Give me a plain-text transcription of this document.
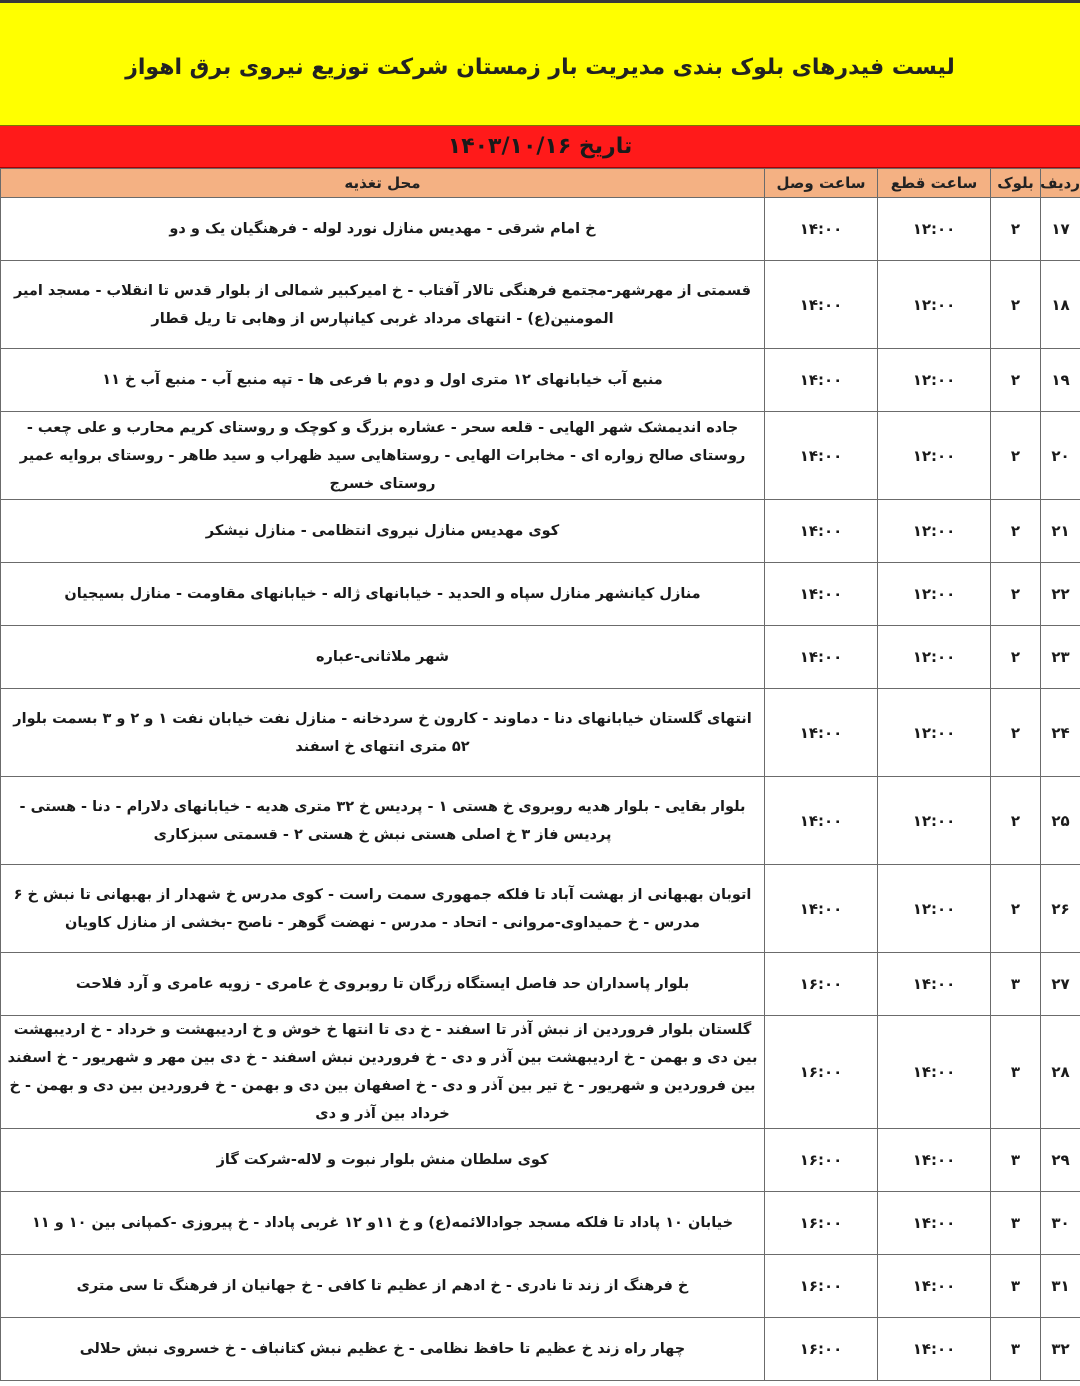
لیست فیدرهای بلوک بندی مدیریت بار زمستان شرکت توزیع نیروی برق اهواز
تاریخ ۱۴۰۳/۱۰/۱۶
ردیف	بلوک	ساعت قطع	ساعت وصل	محل تغذیه
۱۷	۲	۱۲:۰۰	۱۴:۰۰	خ امام شرقی - مهدیس منازل نورد لوله - فرهنگیان یک و دو
۱۸	۲	۱۲:۰۰	۱۴:۰۰	قسمتی از مهرشهر-مجتمع فرهنگی تالار آفتاب - خ امیرکبیر شمالی از بلوار قدس تا انقلاب - مسجد امیر المومنین(ع) - انتهای مرداد غربی کیانپارس از وهابی تا ریل قطار
۱۹	۲	۱۲:۰۰	۱۴:۰۰	منبع آب خیابانهای ۱۲ متری اول و دوم با فرعی ها - تپه منبع آب - منبع آب خ ۱۱
۲۰	۲	۱۲:۰۰	۱۴:۰۰	جاده اندیمشک شهر الهایی - قلعه سحر - عشاره بزرگ و کوچک و روستای کریم محارب و علی چعب - روستای صالح زواره ای - مخابرات الهایی - روستاهایی سید ظهراب و سید طاهر - روستای بروایه عمیر روستای خسرج
۲۱	۲	۱۲:۰۰	۱۴:۰۰	کوی مهدیس منازل نیروی انتظامی - منازل نیشکر
۲۲	۲	۱۲:۰۰	۱۴:۰۰	منازل کیانشهر منازل سپاه و الحدید - خیابانهای ژاله - خیابانهای مقاومت - منازل بسیجیان
۲۳	۲	۱۲:۰۰	۱۴:۰۰	شهر ملاثانی-عباره
۲۴	۲	۱۲:۰۰	۱۴:۰۰	انتهای گلستان خیابانهای دنا - دماوند - کارون خ سردخانه - منازل نفت خیابان نفت ۱ و ۲ و ۳ بسمت بلوار ۵۲ متری انتهای خ اسفند
۲۵	۲	۱۲:۰۰	۱۴:۰۰	بلوار بقایی - بلوار هدیه روبروی خ هستی ۱ - پردیس خ ۳۲ متری هدیه - خیابانهای دلارام - دنا - هستی - پردیس فاز ۳ خ اصلی هستی نبش خ هستی ۲ - قسمتی سبزکاری
۲۶	۲	۱۲:۰۰	۱۴:۰۰	اتوبان بهبهانی از بهشت آباد تا فلکه جمهوری سمت راست - کوی مدرس خ شهدار از بهبهانی تا نبش خ ۶ مدرس - خ حمیداوی-مروانی - اتحاد - مدرس - نهضت گوهر - ناصح -بخشی از منازل کاویان
۲۷	۳	۱۴:۰۰	۱۶:۰۰	بلوار پاسداران حد فاصل ایستگاه زرگان تا روبروی خ عامری - زویه عامری و آرد فلاحت
۲۸	۳	۱۴:۰۰	۱۶:۰۰	گلستان بلوار فروردین از نبش آذر تا اسفند - خ دی تا انتها خ خوش و خ اردیبهشت و خرداد - خ اردیبهشت بین دی و بهمن - خ اردیبهشت بین آذر و دی - خ فروردین نبش اسفند - خ دی بین مهر و شهریور - خ اسفند بین فروردین و شهریور - خ تیر بین آذر و دی - خ اصفهان بین دی و بهمن - خ فروردین بین دی و بهمن - خ خرداد بین آذر و دی
۲۹	۳	۱۴:۰۰	۱۶:۰۰	کوی سلطان منش بلوار نبوت و لاله-شرکت گاز
۳۰	۳	۱۴:۰۰	۱۶:۰۰	خیابان ۱۰ پاداد تا فلکه مسجد جوادالائمه(ع) و خ ۱۱و ۱۲ غربی پاداد - خ پیروزی -کمپانی بین ۱۰ و ۱۱
۳۱	۳	۱۴:۰۰	۱۶:۰۰	خ فرهنگ از زند تا نادری - خ ادهم از عظیم تا کافی - خ جهانیان از فرهنگ تا سی متری
۳۲	۳	۱۴:۰۰	۱۶:۰۰	چهار راه زند خ عظیم تا حافظ نظامی - خ عظیم نبش کتانباف - خ خسروی نبش حلالی
